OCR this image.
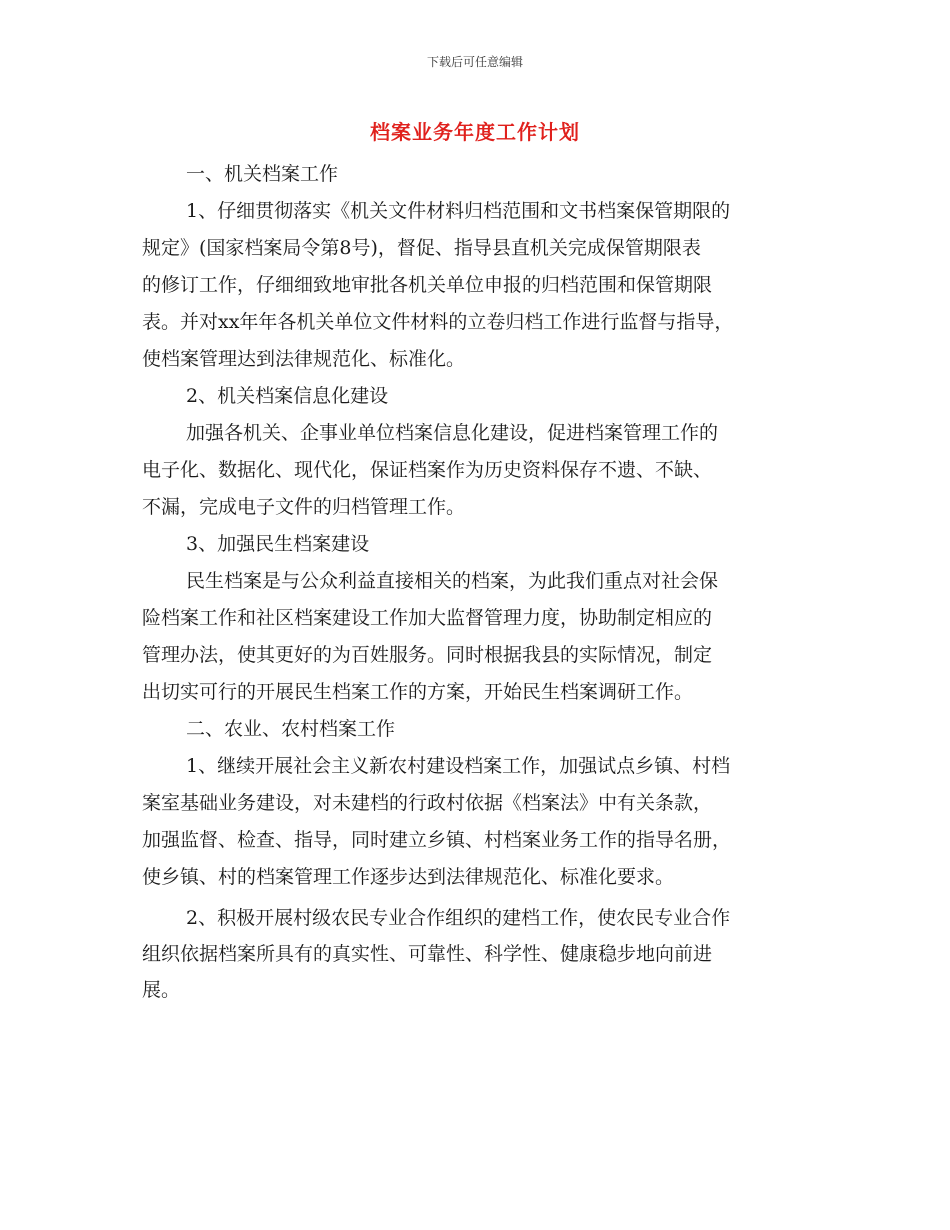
下载后可任意编辑
档案业务年度工作计划
一、机关档案工作
1、仔细贯彻落实《机关文件材料归档范围和文书档案保管期限的
规定》(国家档案局令第8号)，督促、指导县直机关完成保管期限表
的修订工作，仔细细致地审批各机关单位申报的归档范围和保管期限
表。并对xx年年各机关单位文件材料的立卷归档工作进行监督与指导，
使档案管理达到法律规范化、标准化。
2、机关档案信息化建设
加强各机关、企事业单位档案信息化建设，促进档案管理工作的
电子化、数据化、现代化，保证档案作为历史资料保存不遗、不缺、
不漏，完成电子文件的归档管理工作。
3、加强民生档案建设
民生档案是与公众利益直接相关的档案，为此我们重点对社会保
险档案工作和社区档案建设工作加大监督管理力度，协助制定相应的
管理办法，使其更好的为百姓服务。同时根据我县的实际情况，制定
出切实可行的开展民生档案工作的方案，开始民生档案调研工作。
二、农业、农村档案工作
1、继续开展社会主义新农村建设档案工作，加强试点乡镇、村档
案室基础业务建设，对未建档的行政村依据《档案法》中有关条款，
加强监督、检查、指导，同时建立乡镇、村档案业务工作的指导名册，
使乡镇、村的档案管理工作逐步达到法律规范化、标准化要求。
2、积极开展村级农民专业合作组织的建档工作，使农民专业合作
组织依据档案所具有的真实性、可靠性、科学性、健康稳步地向前进
展。
